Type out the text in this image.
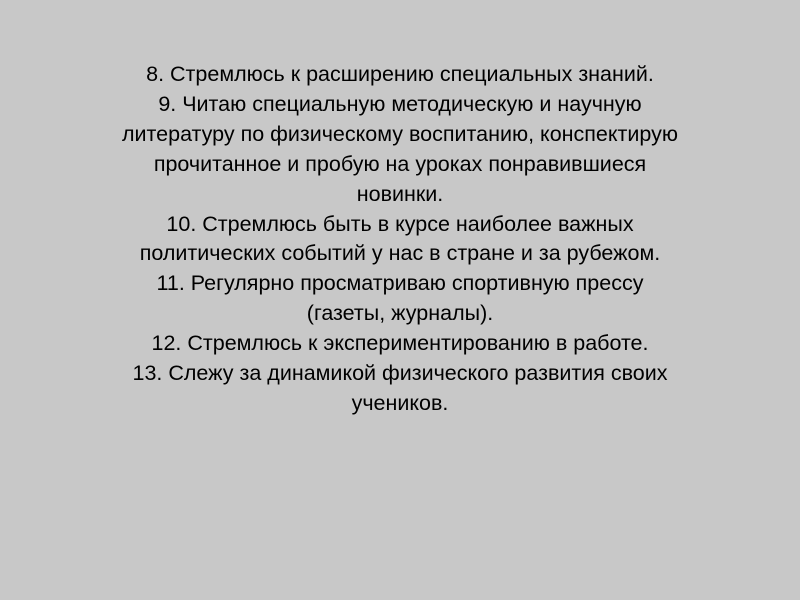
8. Стремлюсь к расширению специальных знаний.
9. Читаю специальную методическую и научную
литературу по физическому воспитанию, конспектирую
прочитанное и пробую на уроках понравившиеся
новинки.
10. Стремлюсь быть в курсе наиболее важных
политических событий у нас в стране и за рубежом.
11. Регулярно просматриваю спортивную прессу
(газеты, журналы).
12. Стремлюсь к экспериментированию в работе.
13. Слежу за динамикой физического развития своих
учеников.
